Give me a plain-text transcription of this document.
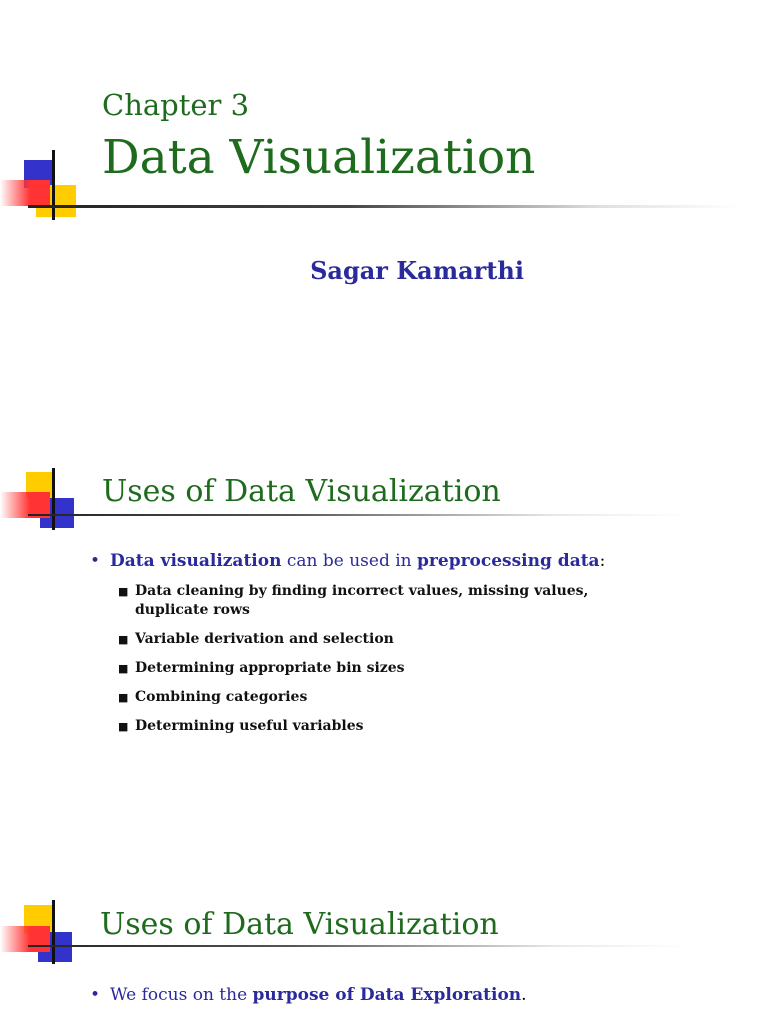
Chapter 3
Data Visualization
Sagar Kamarthi
Uses of Data Visualization
• Data visualization can be used in preprocessing data:
■ Data cleaning by finding incorrect values, missing values, duplicate rows
■ Variable derivation and selection
■ Determining appropriate bin sizes
■ Combining categories
■ Determining useful variables
Uses of Data Visualization
• We focus on the purpose of Data Exploration.
